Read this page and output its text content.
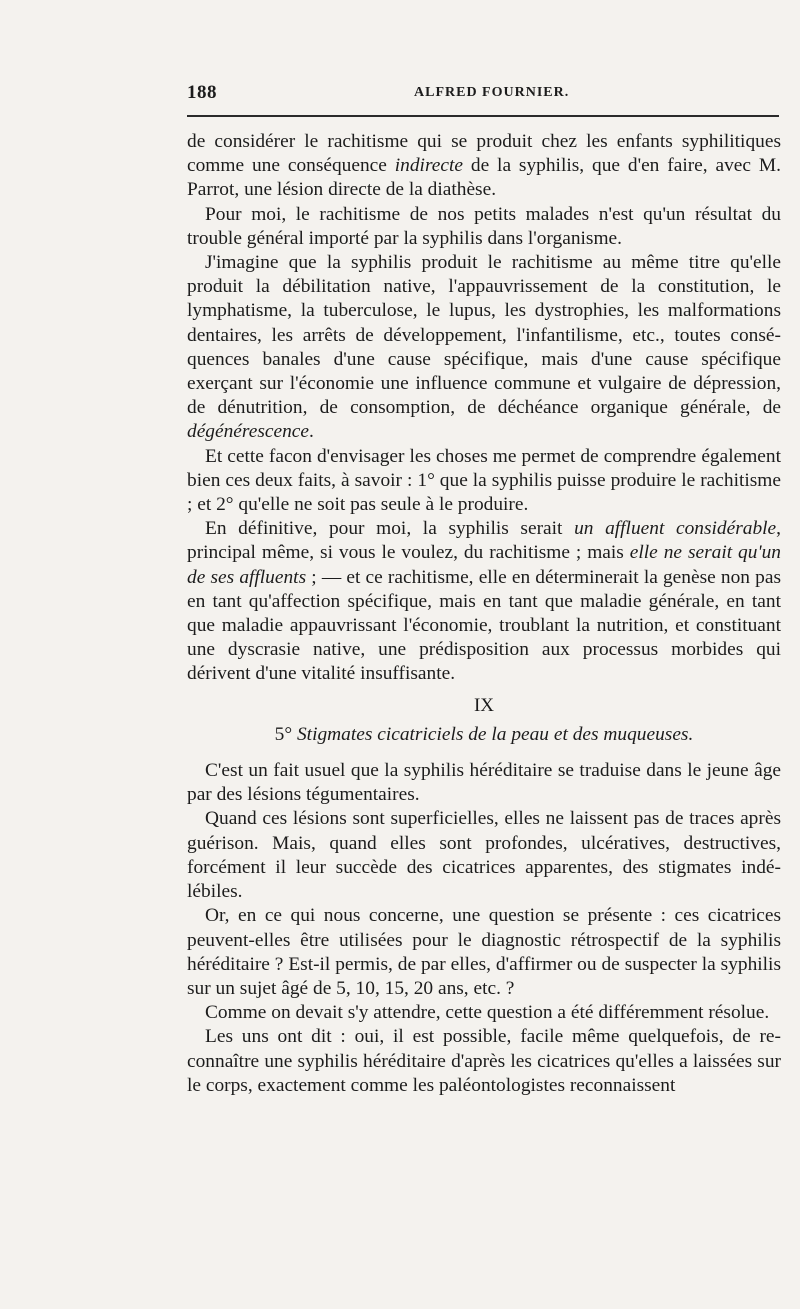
188	ALFRED FOURNIER.

de considérer le rachitisme qui se produit chez les enfants syphilitiques comme une conséquence indirecte de la syphilis, que d'en faire, avec M. Parrot, une lésion directe de la diathèse.

Pour moi, le rachitisme de nos petits malades n'est qu'un résultat du trouble général importé par la syphilis dans l'organisme.

J'imagine que la syphilis produit le rachitisme au même titre qu'elle produit la débilitation native, l'appauvrissement de la constitution, le lymphatisme, la tuberculose, le lupus, les dystrophies, les malformations dentaires, les arrêts de développement, l'infantilisme, etc., toutes conséquences banales d'une cause spécifique, mais d'une cause spécifique exerçant sur l'économie une influence commune et vulgaire de dépression, de dénutrition, de consomption, de déchéance organique générale, de dégénérescence.

Et cette facon d'envisager les choses me permet de comprendre également bien ces deux faits, à savoir : 1° que la syphilis puisse produire le rachitisme ; et 2° qu'elle ne soit pas seule à le produire.

En définitive, pour moi, la syphilis serait un affluent considérable, principal même, si vous le voulez, du rachitisme ; mais elle ne serait qu'un de ses affluents ; — et ce rachitisme, elle en déterminerait la genèse non pas en tant qu'affection spécifique, mais en tant que maladie générale, en tant que maladie appauvrissant l'économie, troublant la nutrition, et constituant une dyscrasie native, une prédisposition aux processus morbides qui dérivent d'une vitalité insuffisante.

IX
5° Stigmates cicatriciels de la peau et des muqueuses.

C'est un fait usuel que la syphilis héréditaire se traduise dans le jeune âge par des lésions tégumentaires.

Quand ces lésions sont superficielles, elles ne laissent pas de traces après guérison. Mais, quand elles sont profondes, ulcératives, destructives, forcément il leur succède des cicatrices apparentes, des stigmates indélébiles.

Or, en ce qui nous concerne, une question se présente : ces cicatrices peuvent-elles être utilisées pour le diagnostic rétrospectif de la syphilis héréditaire ? Est-il permis, de par elles, d'affirmer ou de suspecter la syphilis sur un sujet âgé de 5, 10, 15, 20 ans, etc. ?

Comme on devait s'y attendre, cette question a été différemment résolue.

Les uns ont dit : oui, il est possible, facile même quelquefois, de reconnaître une syphilis héréditaire d'après les cicatrices qu'elles a laissées sur le corps, exactement comme les paléontologistes reconnaissent
